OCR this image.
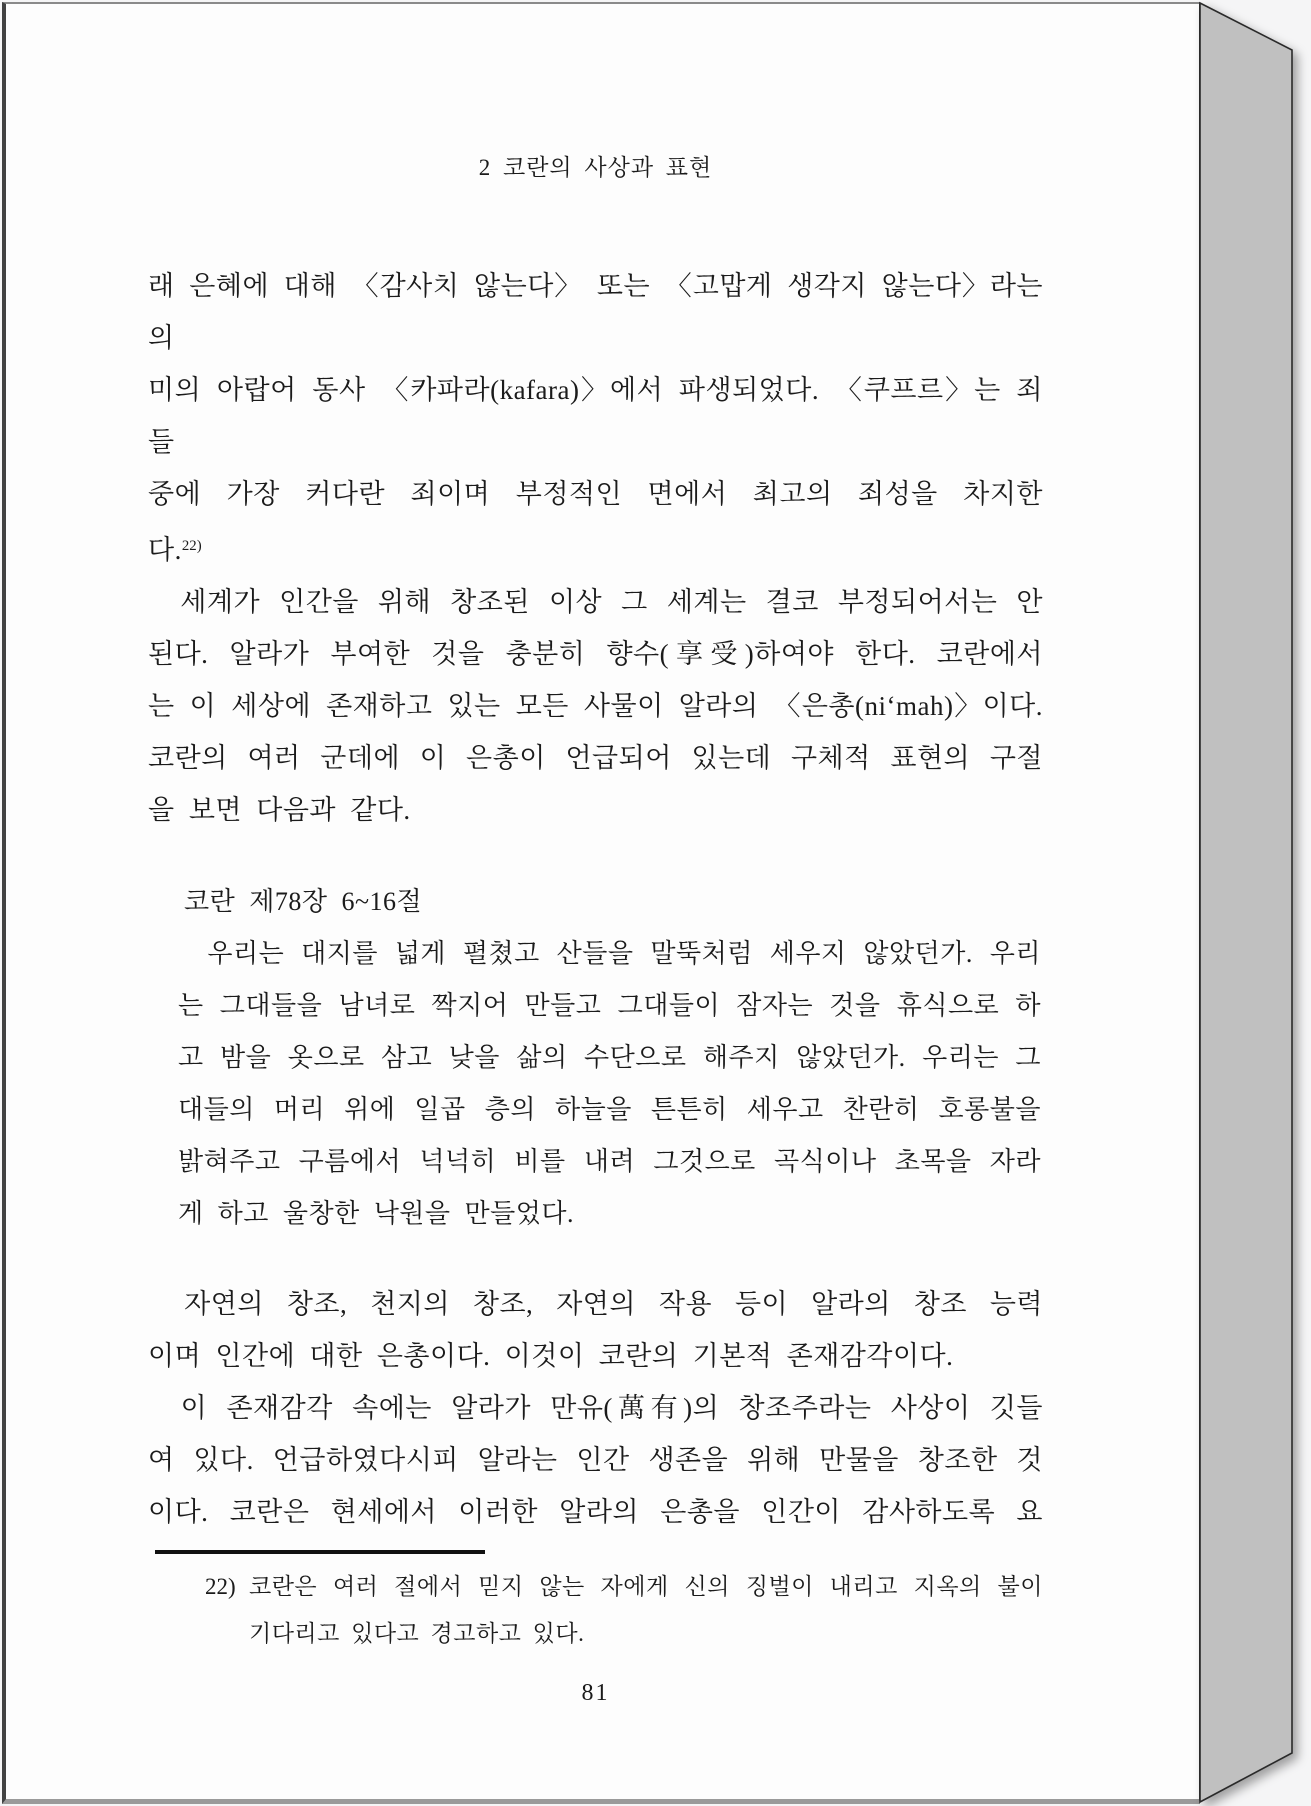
2 코란의 사상과 표현
래 은혜에 대해 〈감사치 않는다〉 또는 〈고맙게 생각지 않는다〉라는 의
미의 아랍어 동사 〈카파라(kafara)〉에서 파생되었다. 〈쿠프르〉는 죄들
중에 가장 커다란 죄이며 부정적인 면에서 최고의 죄성을 차지한
다.$^{22)}$
　세계가 인간을 위해 창조된 이상 그 세계는 결코 부정되어서는 안
된다. 알라가 부여한 것을 충분히 향수(享受)하여야 한다. 코란에서
는 이 세상에 존재하고 있는 모든 사물이 알라의 〈은총(ni‘mah)〉이다.
코란의 여러 군데에 이 은총이 언급되어 있는데 구체적 표현의 구절
을 보면 다음과 같다.
코란 제78장 6~16절
　우리는 대지를 넓게 펼쳤고 산들을 말뚝처럼 세우지 않았던가. 우리
는 그대들을 남녀로 짝지어 만들고 그대들이 잠자는 것을 휴식으로 하
고 밤을 옷으로 삼고 낮을 삶의 수단으로 해주지 않았던가. 우리는 그
대들의 머리 위에 일곱 층의 하늘을 튼튼히 세우고 찬란히 호롱불을
밝혀주고 구름에서 넉넉히 비를 내려 그것으로 곡식이나 초목을 자라
게 하고 울창한 낙원을 만들었다.
　자연의 창조, 천지의 창조, 자연의 작용 등이 알라의 창조 능력
이며 인간에 대한 은총이다. 이것이 코란의 기본적 존재감각이다.
　이 존재감각 속에는 알라가 만유(萬有)의 창조주라는 사상이 깃들
여 있다. 언급하였다시피 알라는 인간 생존을 위해 만물을 창조한 것
이다. 코란은 현세에서 이러한 알라의 은총을 인간이 감사하도록 요
22) 코란은 여러 절에서 믿지 않는 자에게 신의 징벌이 내리고 지옥의 불이
기다리고 있다고 경고하고 있다.
81
